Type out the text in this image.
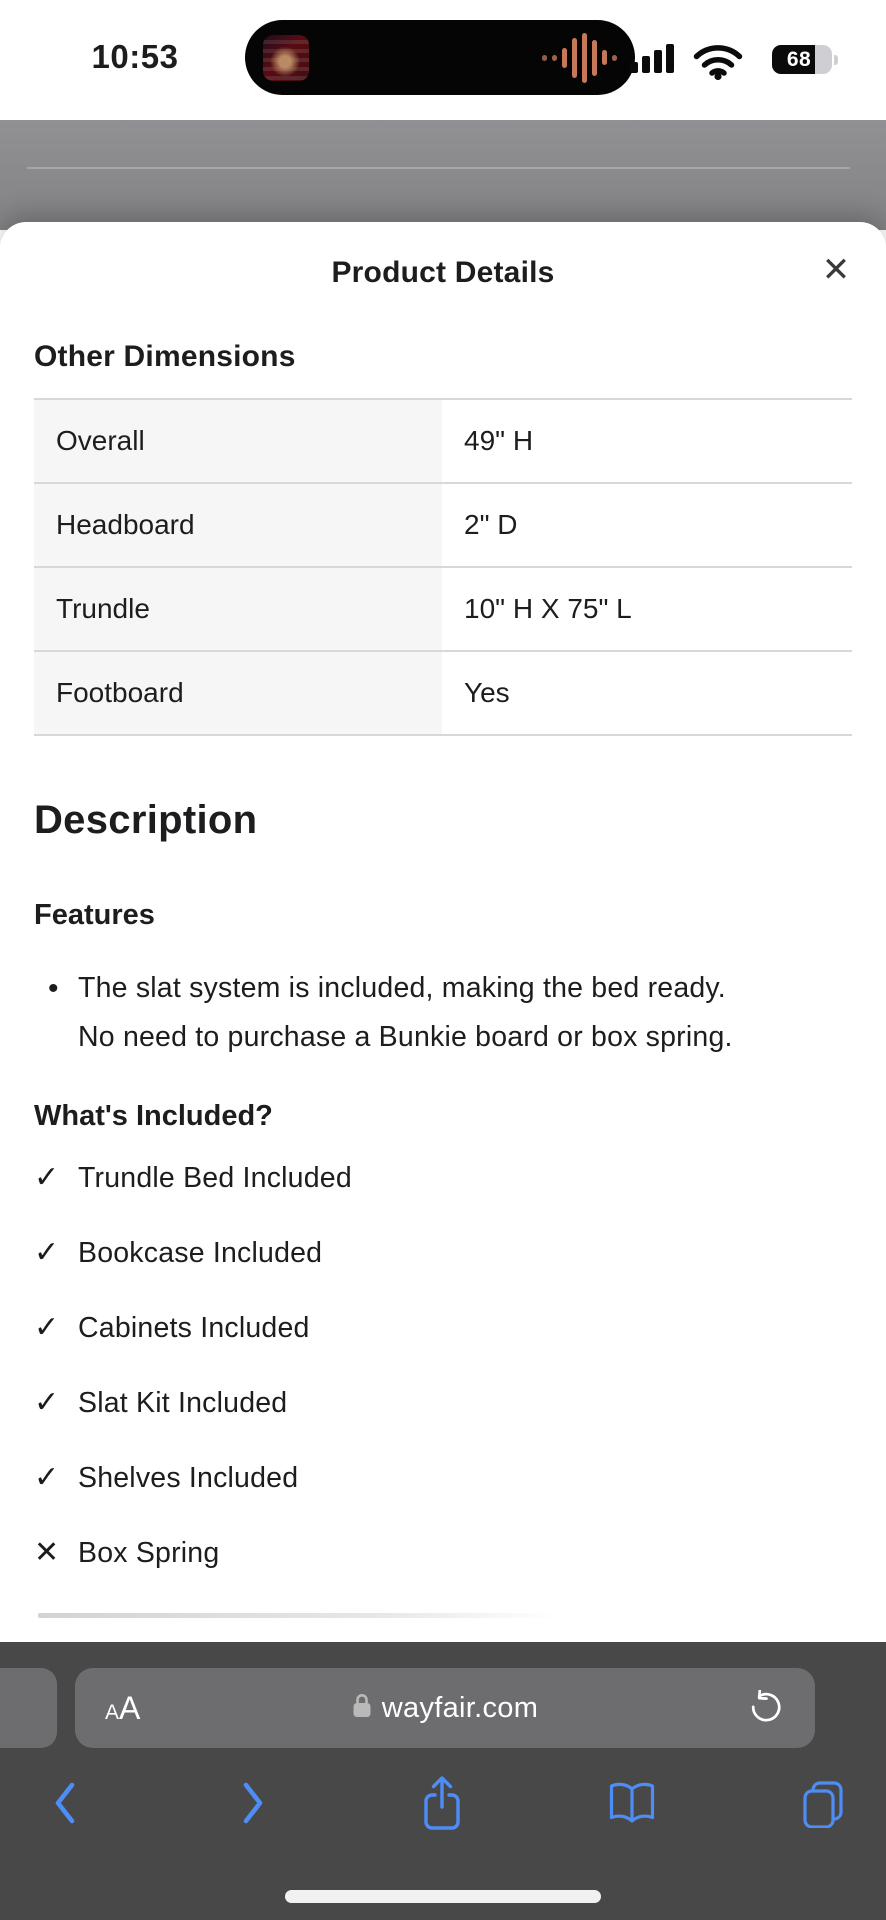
10:53	68
Product Details	✕
Other Dimensions
Overall	49" H
Headboard	2" D
Trundle	10" H X 75" L
Footboard	Yes
Description
Features
• The slat system is included, making the bed ready. No need to purchase a Bunkie board or box spring.
What's Included?
✓ Trundle Bed Included
✓ Bookcase Included
✓ Cabinets Included
✓ Slat Kit Included
✓ Shelves Included
✕ Box Spring
A A	wayfair.com
